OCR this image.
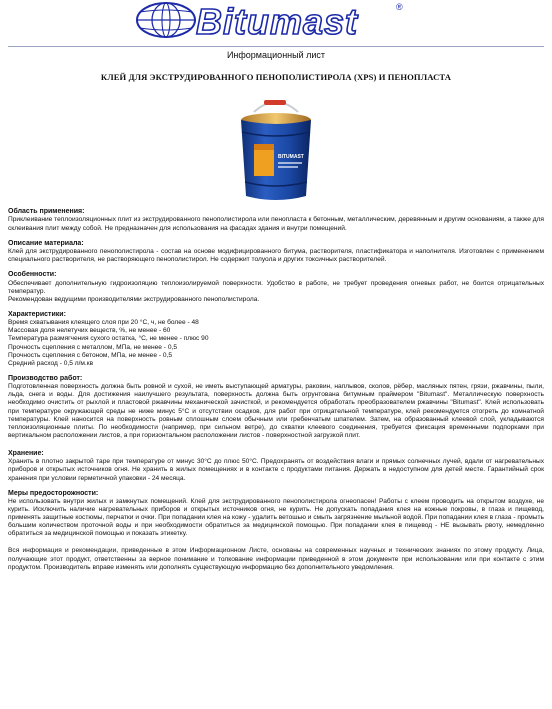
Bitumast	®
Информационный лист
КЛЕЙ ДЛЯ ЭКСТРУДИРОВАННОГО ПЕНОПОЛИСТИРОЛА (XPS) И ПЕНОПЛАСТА
BITUMAST
Область применения:

Приклеивание теплоизоляционных плит из экструдированного пенополистирола или пенопласта к бетонным, металлическим, деревянным и другим основаниям, а также для склеивания плит между собой. Не предназначен для использования на фасадах здания и внутри помещений.

Описание материала:

Клей для экструдированного пенополистирола - состав на основе модифицированного битума, растворителя, пластификатора и наполнителя. Изготовлен с применением специального растворителя, не растворяющего пенополистирол. Не содержит толуола и других токсичных растворителей.

Особенности:

Обеспечивает дополнительную гидроизоляцию теплоизолируемой поверхности. Удобство в работе, не требует проведения огневых работ, не боится отрицательных температур.

Рекомендован ведущими производителями экструдированного пенополистирола.

Характеристики:
Время схватывания клеящего слоя при 20 °С, ч, не более - 48
Массовая доля нелетучих веществ, %, не менее - 60
Температура размягчения сухого остатка, °С, не менее - плюс 90
Прочность сцепления с металлом, МПа, не менее - 0,5
Прочность сцепления с бетоном, МПа, не менее - 0,5
Средний расход - 0,5 л/м.кв
Производство работ:

Подготовленная поверхность должна быть ровной и сухой, не иметь выступающей арматуры, раковин, наплывов, сколов, рёбер, масляных пятен, грязи, ржавчины, пыли, льда, снега и воды. Для достижения наилучшего результата, поверхность должна быть огрунтована битумным праймером "Bitumast". Металлическую поверхность необходимо очистить от рыхлой и пластовой ржавчины механической зачисткой, и рекомендуется обработать преобразователем ржавчины "Bitumast". Клей использовать при температуре окружающей среды не ниже минус 5°С и отсутствии осадков, для работ при отрицательной температуре, клей рекомендуется отогреть до комнатной температуры. Клей наносится на поверхность ровным сплошным слоем обычным или гребенчатым шпателем. Затем, на образованный клеевой слой, укладываются теплоизоляционные плиты. По необходимости (например, при сильном ветре), до схватки клеевого соединения, требуется фиксация временными подпорками при вертикальном расположении листов, а при горизонтальном расположении листов - поверхностной загрузкой плит.

Хранение:

Хранить в плотно закрытой таре при температуре от минус 30°С до плюс 50°С. Предохранять от воздействия влаги и прямых солнечных лучей, вдали от нагревательных приборов и открытых источников огня. Не хранить в жилых помещениях и в контакте с продуктами питания. Держать в недоступном для детей месте. Гарантийный срок хранения при условии герметичной упаковки - 24 месяца.

Меры предосторожности:

Не использовать внутри жилых и замкнутых помещений. Клей для экструдированного пенополистирола огнеопасен! Работы с клеем проводить на открытом воздухе, не курить. Исключить наличие нагревательных приборов и открытых источников огня, не курить. Не допускать попадания клея на кожные покровы, в глаза и пищевод, применять защитные костюмы, перчатки и очки. При попадании клея на кожу - удалить ветошью и смыть загрязнение мыльной водой. При попадании клея в глаза - промыть большим количеством проточной воды и при необходимости обратиться за медицинской помощью. При попадании клея в пищевод - НЕ вызывать рвоту, немедленно обратиться за медицинской помощью и показать этикетку.

Вся информация и рекомендации, приведенные в этом Информационном Листе, основаны на современных научных и технических знаниях по этому продукту. Лица, получающие этот продукт, ответственны за верное понимание и толкование информации приведенной в этом документе при использовании или при контакте с этим продуктом. Производитель вправе изменять или дополнять существующую информацию без дополнительного уведомления.
